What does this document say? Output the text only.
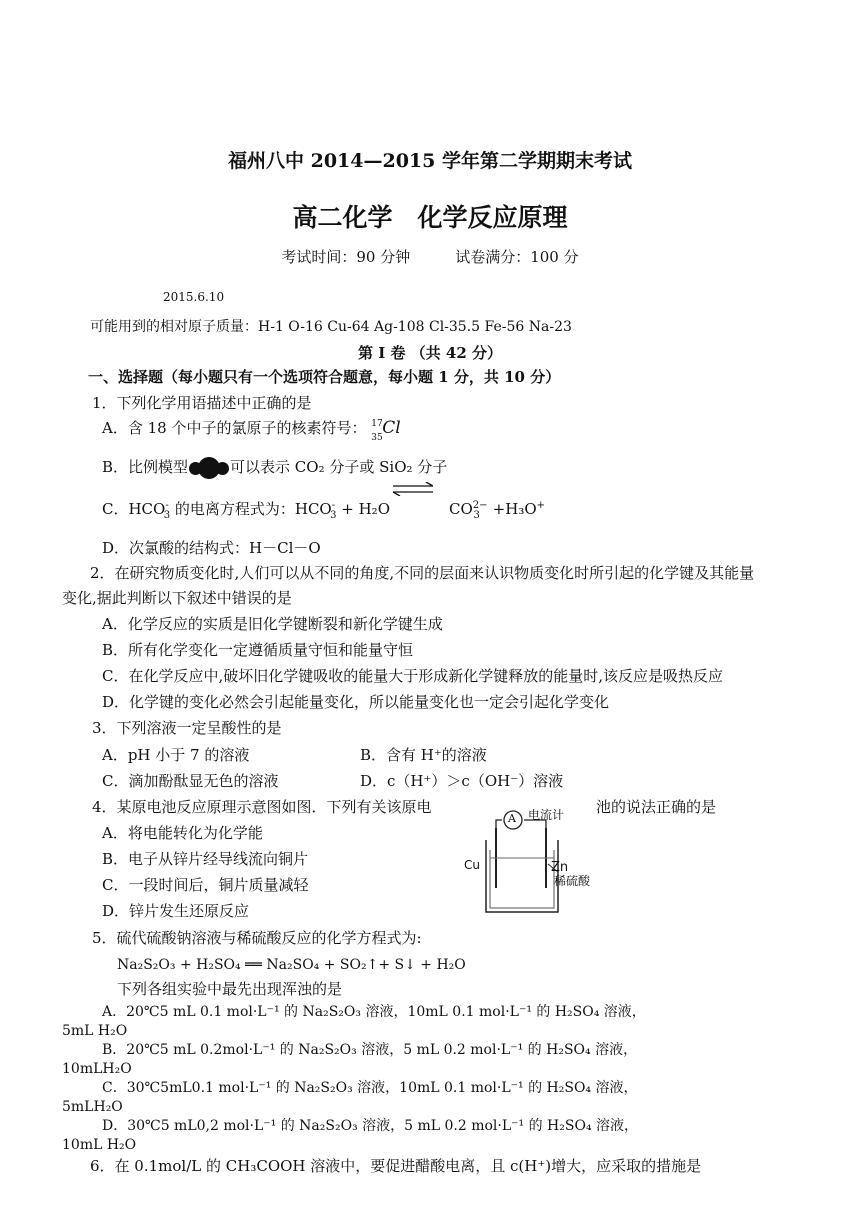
福州八中 2014—2015 学年第二学期期末考试
高二化学　化学反应原理
考试时间：90 分钟　　　试卷满分：100 分
2015.6.10
可能用到的相对原子质量：H-1 O-16 Cu-64 Ag-108 Cl-35.5 Fe-56 Na-23
第 Ⅰ 卷 （共 42 分）
一、选择题（每小题只有一个选项符合题意，每小题 1 分，共 10 分）
1．下列化学用语描述中正确的是
A．含 18 个中子的氯原子的核素符号： 17
35 Cl
B．比例模型	可以表示 CO₂ 分子或 SiO₂ 分子
C．$HCO^-_3$ 的电离方程式为：$HCO^-_3 + H_2O$	$CO^{2-}_3 +H_3O^+$
D．次氯酸的结构式：H－Cl－O
2．在研究物质变化时,人们可以从不同的角度,不同的层面来认识物质变化时所引起的化学键及其能量
变化,据此判断以下叙述中错误的是
A．化学反应的实质是旧化学键断裂和新化学键生成
B．所有化学变化一定遵循质量守恒和能量守恒
C．在化学反应中,破坏旧化学键吸收的能量大于形成新化学键释放的能量时,该反应是吸热反应
D．化学键的变化必然会引起能量变化，所以能量变化也一定会引起化学变化
3．下列溶液一定呈酸性的是
A．pH 小于 7 的溶液	B．含有 H⁺的溶液
C．滴加酚酞显无色的溶液	D．c（H⁺）＞c（OH⁻）溶液
4．某原电池反应原理示意图如图．下列有关该原电	池的说法正确的是
A．将电能转化为化学能
B．电子从锌片经导线流向铜片
C．一段时间后，铜片质量减轻
D．锌片发生还原反应
A 电流计
Cu	Zn
稀硫酸
5．硫代硫酸钠溶液与稀硫酸反应的化学方程式为:
Na₂S₂O₃ + H₂SO₄ ══ Na₂SO₄ + SO₂↑+ S↓ + H₂O
下列各组实验中最先出现浑浊的是
A．20℃5 mL 0.1 mol·L⁻¹ 的 Na₂S₂O₃ 溶液，10mL 0.1 mol·L⁻¹ 的 H₂SO₄ 溶液，
5mL H₂O
B．20℃5 mL 0.2mol·L⁻¹ 的 Na₂S₂O₃ 溶液，5 mL 0.2 mol·L⁻¹ 的 H₂SO₄ 溶液，
10mLH₂O
C．30℃5mL0.1 mol·L⁻¹ 的 Na₂S₂O₃ 溶液，10mL 0.1 mol·L⁻¹ 的 H₂SO₄ 溶液，
5mLH₂O
D．30℃5 mL0,2 mol·L⁻¹ 的 Na₂S₂O₃ 溶液，5 mL 0.2 mol·L⁻¹ 的 H₂SO₄ 溶液，
10mL H₂O
6．在 0.1mol/L 的 CH₃COOH 溶液中，要促进醋酸电离，且 c(H⁺)增大，应采取的措施是
